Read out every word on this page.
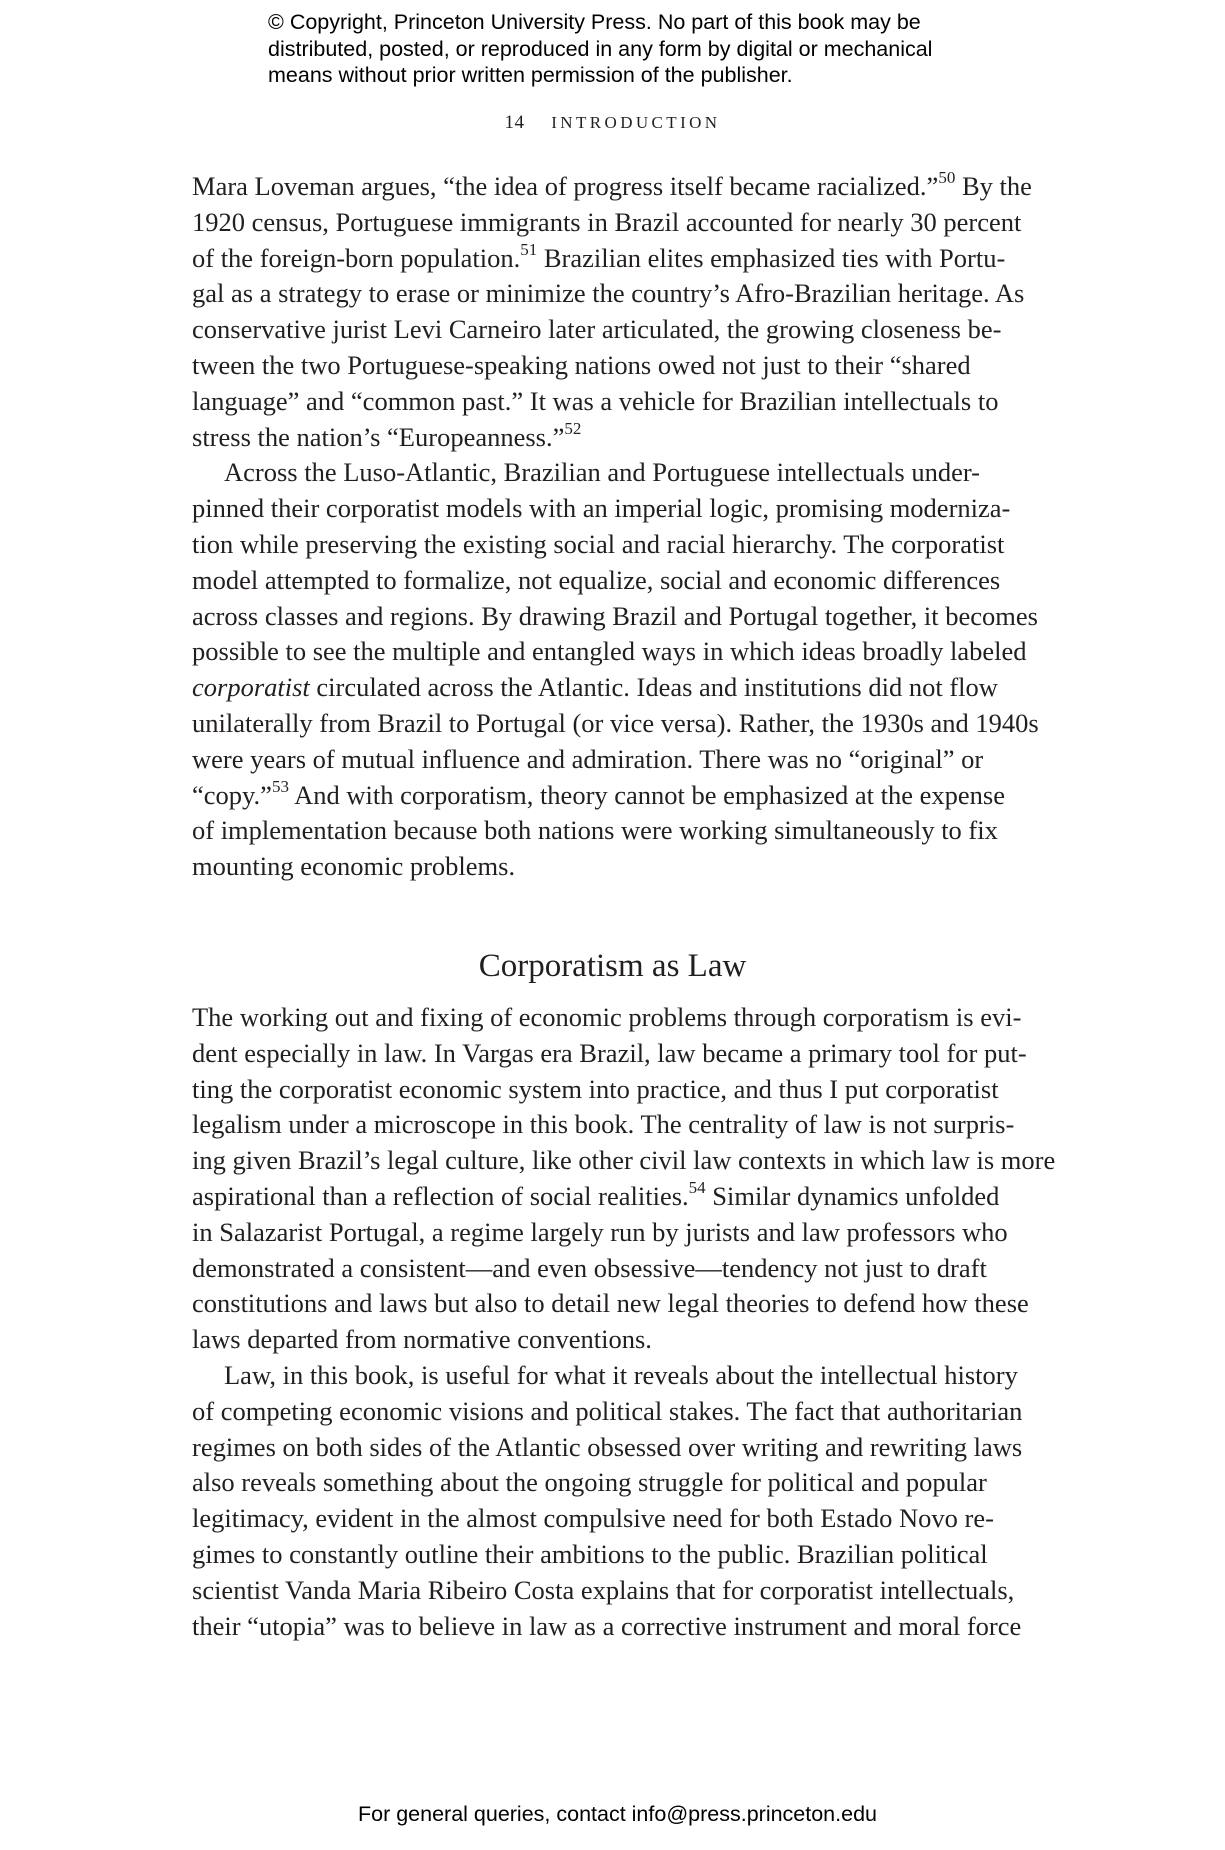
© Copyright, Princeton University Press. No part of this book may be
distributed, posted, or reproduced in any form by digital or mechanical
means without prior written permission of the publisher.
14 INTRODUCTION
Mara Loveman argues, “the idea of progress itself became racialized.”$^{50}$ By the
1920 census, Portuguese immigrants in Brazil accounted for nearly 30 percent
of the foreign-born population.$^{51}$ Brazilian elites emphasized ties with Portu-
gal as a strategy to erase or minimize the country’s Afro-Brazilian heritage. As
conservative jurist Levi Carneiro later articulated, the growing closeness be-
tween the two Portuguese-speaking nations owed not just to their “shared
language” and “common past.” It was a vehicle for Brazilian intellectuals to
stress the nation’s “Europeanness.”$^{52}$
Across the Luso-Atlantic, Brazilian and Portuguese intellectuals under-
pinned their corporatist models with an imperial logic, promising moderniza-
tion while preserving the existing social and racial hierarchy. The corporatist
model attempted to formalize, not equalize, social and economic differences
across classes and regions. By drawing Brazil and Portugal together, it becomes
possible to see the multiple and entangled ways in which ideas broadly labeled
corporatist circulated across the Atlantic. Ideas and institutions did not flow
unilaterally from Brazil to Portugal (or vice versa). Rather, the 1930s and 1940s
were years of mutual influence and admiration. There was no “original” or
“copy.”$^{53}$ And with corporatism, theory cannot be emphasized at the expense
of implementation because both nations were working simultaneously to fix
mounting economic problems.
Corporatism as Law
The working out and fixing of economic problems through corporatism is evi-
dent especially in law. In Vargas era Brazil, law became a primary tool for put-
ting the corporatist economic system into practice, and thus I put corporatist
legalism under a microscope in this book. The centrality of law is not surpris-
ing given Brazil’s legal culture, like other civil law contexts in which law is more
aspirational than a reflection of social realities.$^{54}$ Similar dynamics unfolded
in Salazarist Portugal, a regime largely run by jurists and law professors who
demonstrated a consistent—and even obsessive—tendency not just to draft
constitutions and laws but also to detail new legal theories to defend how these
laws departed from normative conventions.
Law, in this book, is useful for what it reveals about the intellectual history
of competing economic visions and political stakes. The fact that authoritarian
regimes on both sides of the Atlantic obsessed over writing and rewriting laws
also reveals something about the ongoing struggle for political and popular
legitimacy, evident in the almost compulsive need for both Estado Novo re-
gimes to constantly outline their ambitions to the public. Brazilian political
scientist Vanda Maria Ribeiro Costa explains that for corporatist intellectuals,
their “utopia” was to believe in law as a corrective instrument and moral force
For general queries, contact info@press.princeton.edu
